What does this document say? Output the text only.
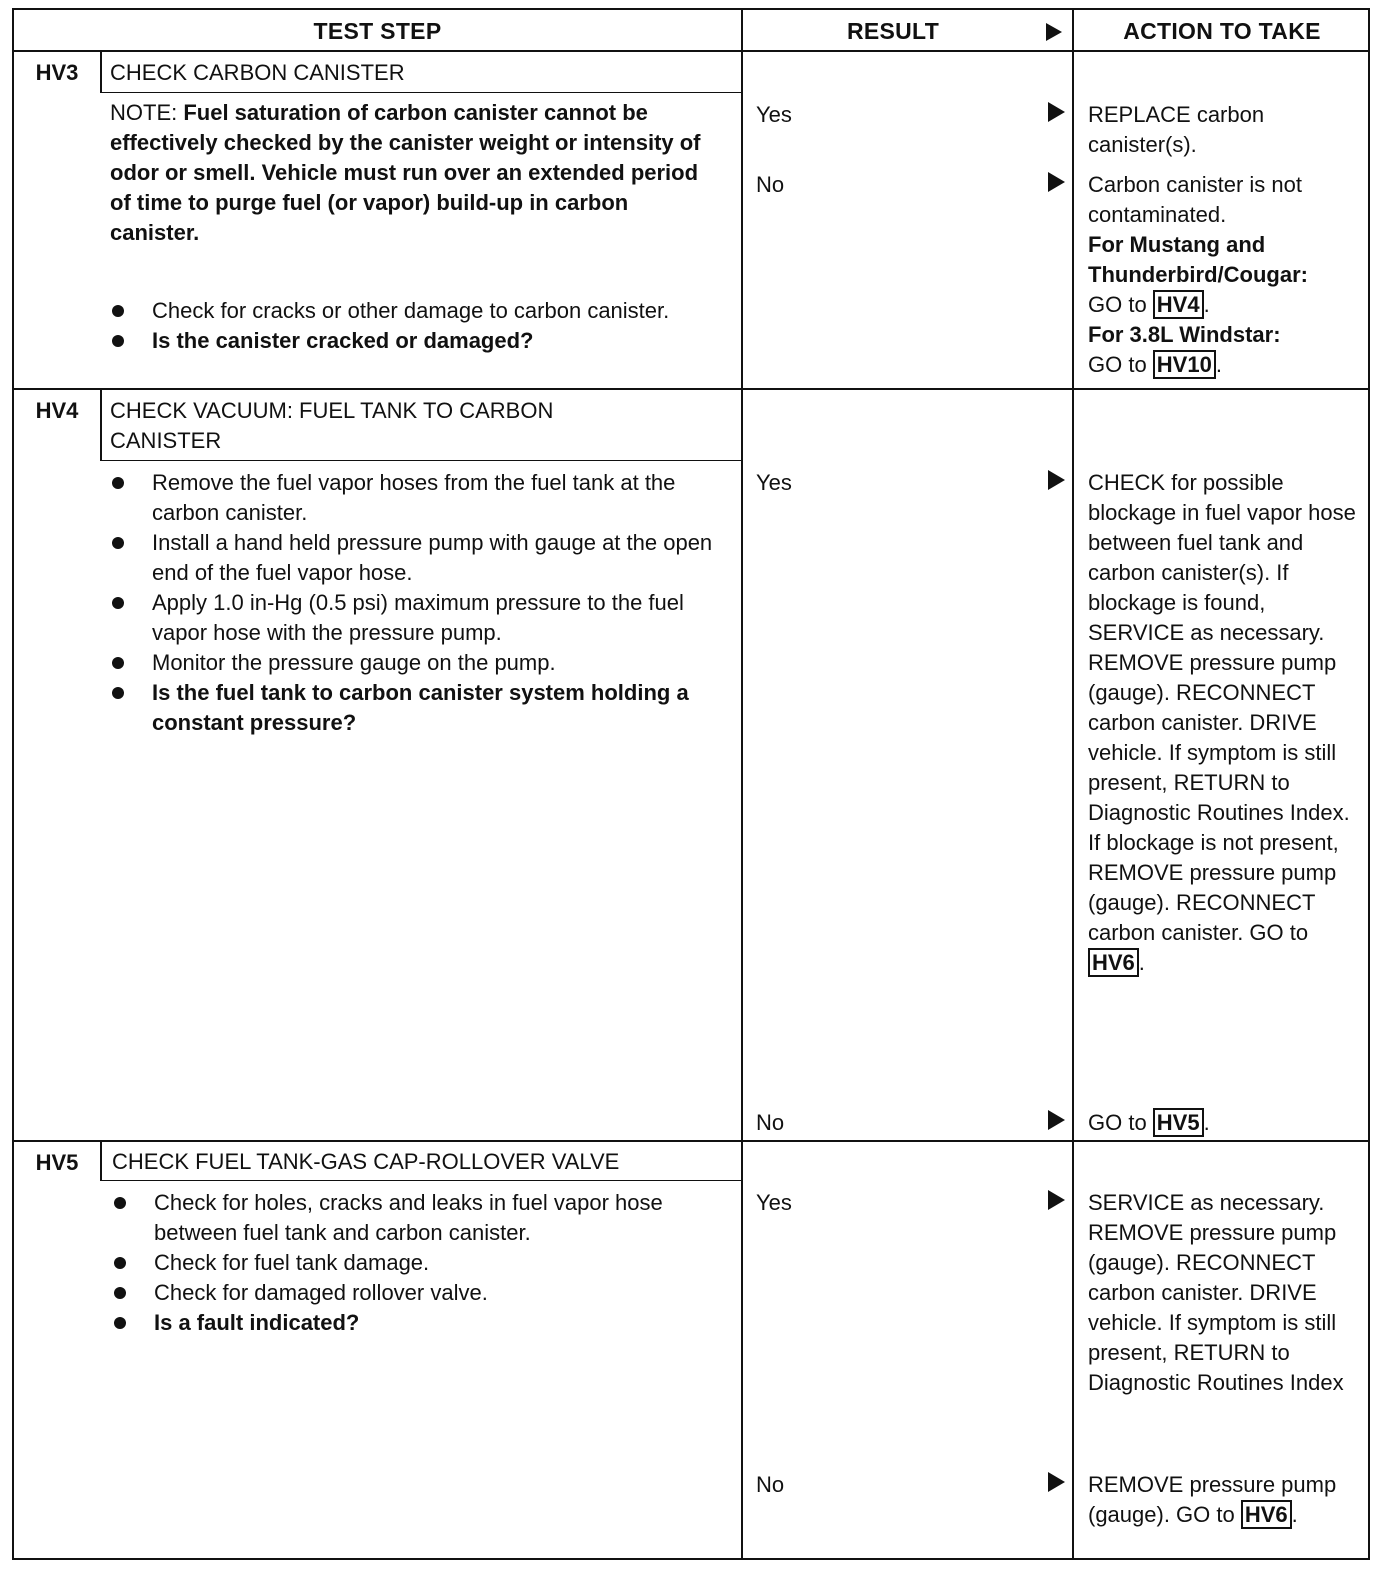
TEST STEP	RESULT	ACTION TO TAKE
HV3	CHECK CARBON CANISTER
NOTE: Fuel saturation of carbon canister cannot be effectively checked by the canister weight or intensity of odor or smell. Vehicle must run over an extended period of time to purge fuel (or vapor) build-up in carbon canister.
Check for cracks or other damage to carbon canister.
Is the canister cracked or damaged?
Yes	REPLACE carbon canister(s).
No	Carbon canister is not contaminated.
For Mustang and Thunderbird/Cougar:
GO to HV4 .
For 3.8L Windstar:
GO to HV10 .
HV4	CHECK VACUUM: FUEL TANK TO CARBON CANISTER
Remove the fuel vapor hoses from the fuel tank at the carbon canister.
Install a hand held pressure pump with gauge at the open end of the fuel vapor hose.
Apply 1.0 in-Hg (0.5 psi) maximum pressure to the fuel vapor hose with the pressure pump.
Monitor the pressure gauge on the pump.
Is the fuel tank to carbon canister system holding a constant pressure?
Yes	CHECK for possible blockage in fuel vapor hose between fuel tank and carbon canister(s). If blockage is found, SERVICE as necessary. REMOVE pressure pump (gauge). RECONNECT carbon canister. DRIVE vehicle. If symptom is still present, RETURN to Diagnostic Routines Index. If blockage is not present, REMOVE pressure pump (gauge). RECONNECT carbon canister. GO to HV6 .
No	GO to HV5 .
HV5	CHECK FUEL TANK-GAS CAP-ROLLOVER VALVE
Check for holes, cracks and leaks in fuel vapor hose between fuel tank and carbon canister.
Check for fuel tank damage.
Check for damaged rollover valve.
Is a fault indicated?
Yes	SERVICE as necessary. REMOVE pressure pump (gauge). RECONNECT carbon canister. DRIVE vehicle. If symptom is still present, RETURN to Diagnostic Routines Index
No	REMOVE pressure pump (gauge). GO to HV6 .
